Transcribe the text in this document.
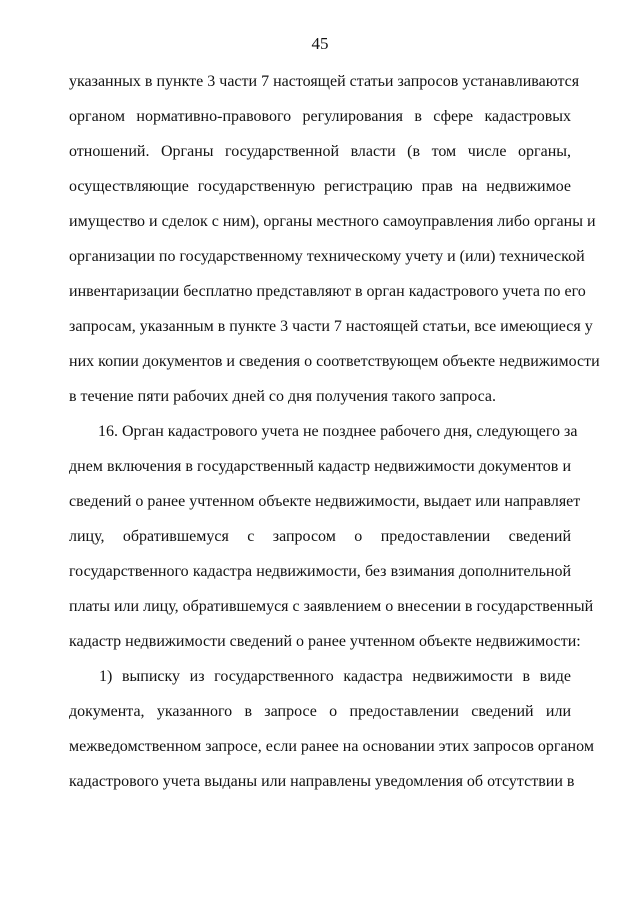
45
указанных в пункте 3 части 7 настоящей статьи запросов устанавливаются
органом нормативно-правового регулирования в сфере кадастровых
отношений. Органы государственной власти (в том числе органы,
осуществляющие государственную регистрацию прав на недвижимое
имущество и сделок с ним), органы местного самоуправления либо органы и
организации по государственному техническому учету и (или) технической
инвентаризации бесплатно представляют в орган кадастрового учета по его
запросам, указанным в пункте 3 части 7 настоящей статьи, все имеющиеся у
них копии документов и сведения о соответствующем объекте недвижимости
в течение пяти рабочих дней со дня получения такого запроса.
16. Орган кадастрового учета не позднее рабочего дня, следующего за
днем включения в государственный кадастр недвижимости документов и
сведений о ранее учтенном объекте недвижимости, выдает или направляет
лицу, обратившемуся с запросом о предоставлении сведений
государственного кадастра недвижимости, без взимания дополнительной
платы или лицу, обратившемуся с заявлением о внесении в государственный
кадастр недвижимости сведений о ранее учтенном объекте недвижимости:
1) выписку из государственного кадастра недвижимости в виде
документа, указанного в запросе о предоставлении сведений или
межведомственном запросе, если ранее на основании этих запросов органом
кадастрового учета выданы или направлены уведомления об отсутствии в
